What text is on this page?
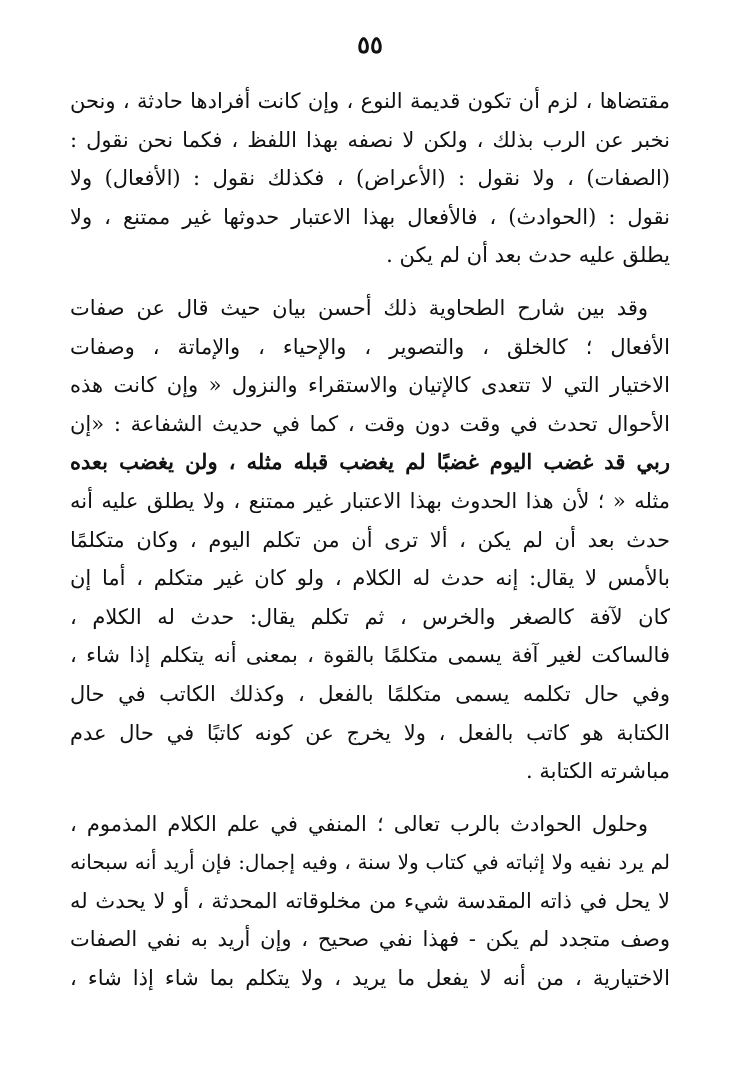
٥٥
مقتضاها ، لزم أن تكون قديمة النوع ، وإن كانت أفرادها حادثة ، ونحن
نخبر عن الرب بذلك ، ولكن لا نصفه بهذا اللفظ ، فكما نحن نقول :
(الصفات) ، ولا نقول : (الأعراض) ، فكذلك نقول : (الأفعال) ولا
نقول : (الحوادث) ، فالأفعال بهذا الاعتبار حدوثها غير ممتنع ، ولا
يطلق عليه حدث بعد أن لم يكن .
وقد بين شارح الطحاوية ذلك أحسن بيان حيث قال عن صفات
الأفعال ؛ كالخلق ، والتصوير ، والإحياء ، والإماتة ، وصفات
الاختيار التي لا تتعدى كالإتيان والاستقراء والنزول « وإن كانت هذه
الأحوال تحدث في وقت دون وقت ، كما في حديث الشفاعة : «إن
ربي قد غضب اليوم غضبًا لم يغضب قبله مثله ، ولن يغضب بعده
مثله « ؛ لأن هذا الحدوث بهذا الاعتبار غير ممتنع ، ولا يطلق عليه أنه
حدث بعد أن لم يكن ، ألا ترى أن من تكلم اليوم ، وكان متكلمًا
بالأمس لا يقال: إنه حدث له الكلام ، ولو كان غير متكلم ، أما إن
كان لآفة كالصغر والخرس ، ثم تكلم يقال: حدث له الكلام ،
فالساكت لغير آفة يسمى متكلمًا بالقوة ، بمعنى أنه يتكلم إذا شاء ،
وفي حال تكلمه يسمى متكلمًا بالفعل ، وكذلك الكاتب في حال
الكتابة هو كاتب بالفعل ، ولا يخرج عن كونه كاتبًا في حال عدم
مباشرته الكتابة .
وحلول الحوادث بالرب تعالى ؛ المنفي في علم الكلام المذموم ،
لم يرد نفيه ولا إثباته في كتاب ولا سنة ، وفيه إجمال: فإن أريد أنه سبحانه
لا يحل في ذاته المقدسة شيء من مخلوقاته المحدثة ، أو لا يحدث له
وصف متجدد لم يكن - فهذا نفي صحيح ، وإن أريد به نفي الصفات
الاختيارية ، من أنه لا يفعل ما يريد ، ولا يتكلم بما شاء إذا شاء ،
